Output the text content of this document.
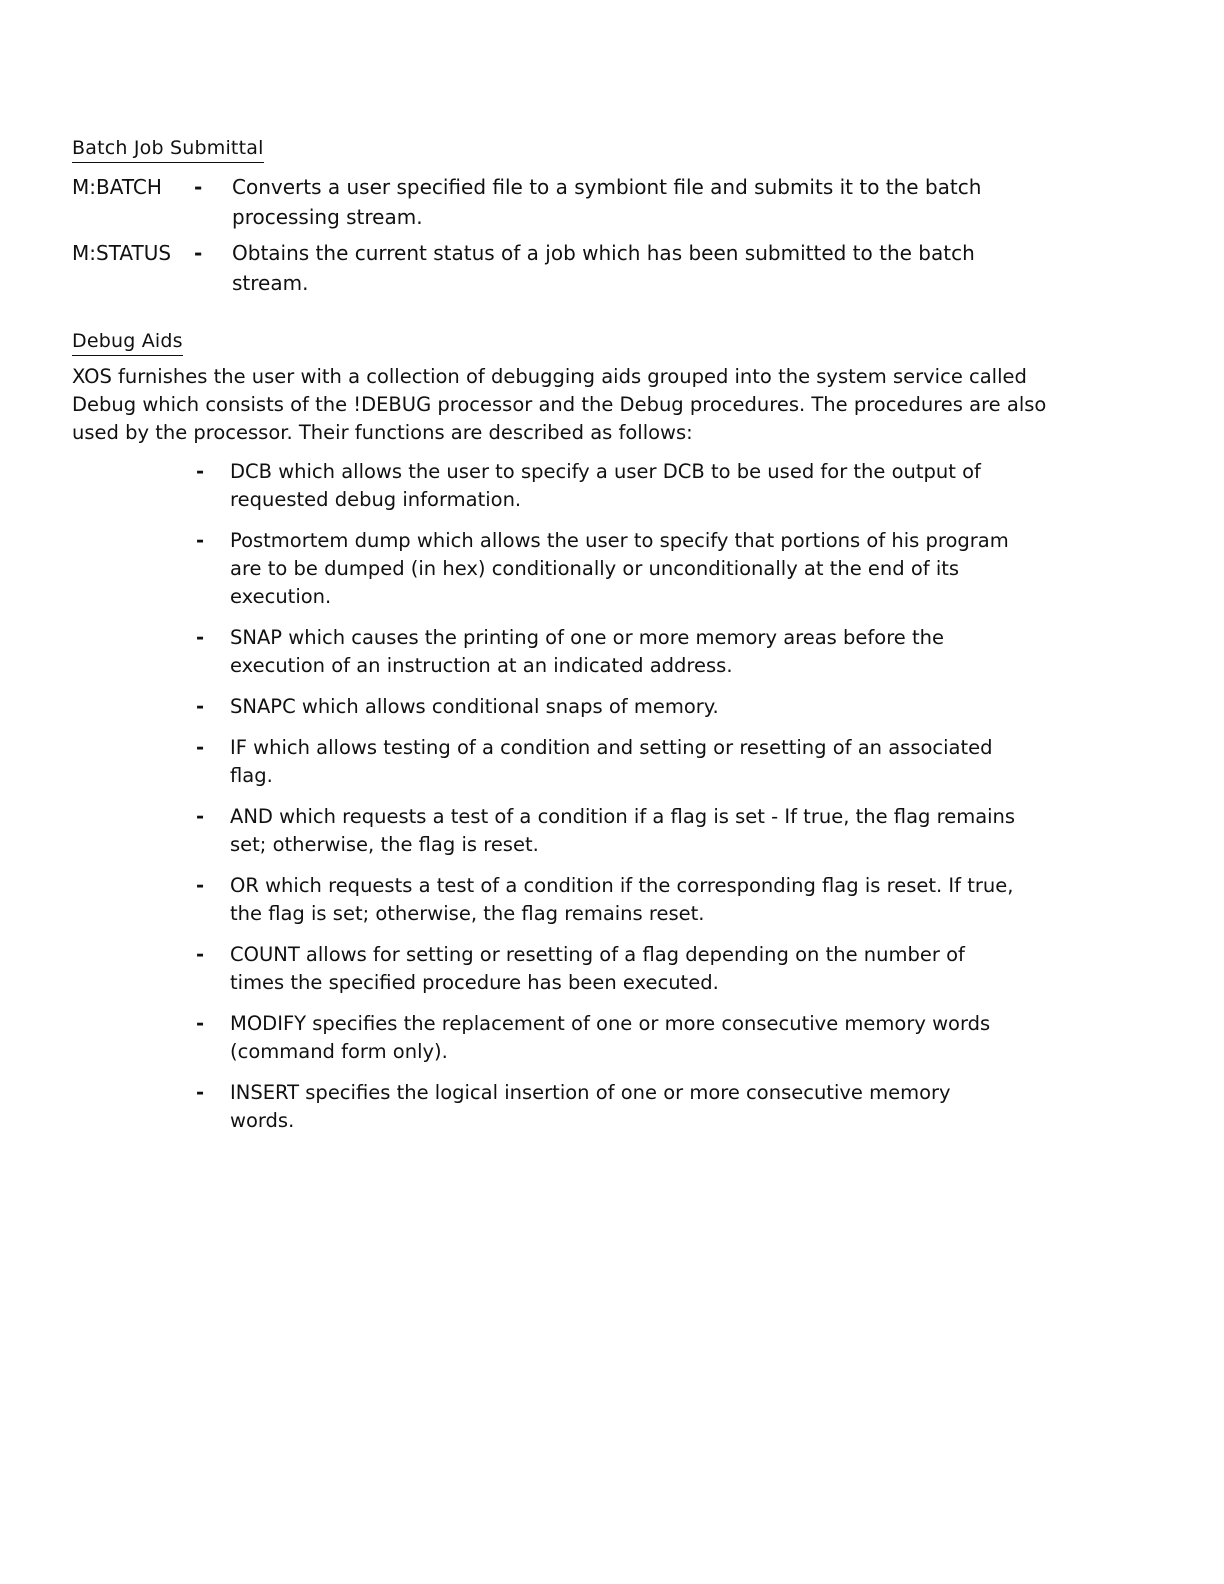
Batch Job Submittal
M:BATCH	- Converts a user specified file to a symbiont file and submits it to the batch processing stream.
M:STATUS	- Obtains the current status of a job which has been submitted to the batch stream.
Debug Aids
XOS furnishes the user with a collection of debugging aids grouped into the system service called Debug which consists of the !DEBUG processor and the Debug procedures. The procedures are also used by the processor. Their functions are described as follows:
- DCB which allows the user to specify a user DCB to be used for the output of requested debug information.
- Postmortem dump which allows the user to specify that portions of his program are to be dumped (in hex) conditionally or unconditionally at the end of its execution.
- SNAP which causes the printing of one or more memory areas before the execution of an instruction at an indicated address.
- SNAPC which allows conditional snaps of memory.
- IF which allows testing of a condition and setting or resetting of an associated flag.
- AND which requests a test of a condition if a flag is set - If true, the flag remains set; otherwise, the flag is reset.
- OR which requests a test of a condition if the corresponding flag is reset. If true, the flag is set; otherwise, the flag remains reset.
- COUNT allows for setting or resetting of a flag depending on the number of times the specified procedure has been executed.
- MODIFY specifies the replacement of one or more consecutive memory words (command form only).
- INSERT specifies the logical insertion of one or more consecutive memory words.
